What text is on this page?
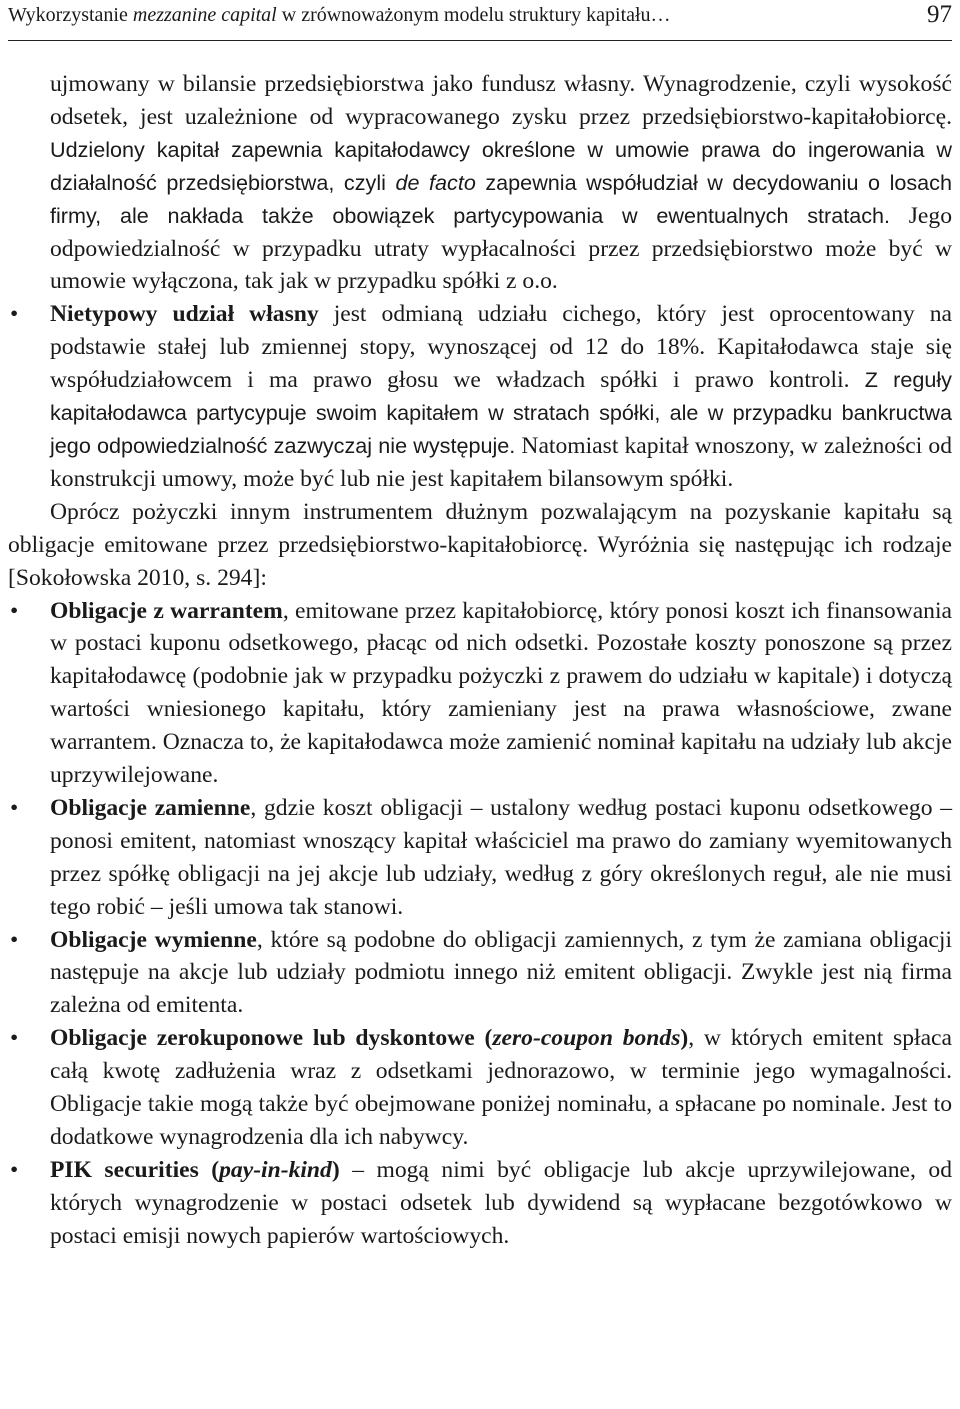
Wykorzystanie mezzanine capital w zrównoważonym modelu struktury kapitału…	97

ujmowany w bilansie przedsiębiorstwa jako fundusz własny. Wynagrodzenie, czyli wysokość odsetek, jest uzależnione od wypracowanego zysku przez przedsiębiorstwo-kapitałobiorcę. Udzielony kapitał zapewnia kapitałodawcy określone w umowie prawa do ingerowania w działalność przedsiębiorstwa, czyli de facto zapewnia współudział w decydowaniu o losach firmy, ale nakłada także obowiązek partycypowania w ewentualnych stratach. Jego odpowiedzialność w przypadku utraty wypłacalności przez przedsiębiorstwo może być w umowie wyłączona, tak jak w przypadku spółki z o.o.

•	Nietypowy udział własny jest odmianą udziału cichego, który jest oprocentowany na podstawie stałej lub zmiennej stopy, wynoszącej od 12 do 18%. Kapitałodawca staje się współudziałowcem i ma prawo głosu we władzach spółki i prawo kontroli. Z reguły kapitałodawca partycypuje swoim kapitałem w stratach spółki, ale w przypadku bankructwa jego odpowiedzialność zazwyczaj nie występuje. Natomiast kapitał wnoszony, w zależności od konstrukcji umowy, może być lub nie jest kapitałem bilansowym spółki.

Oprócz pożyczki innym instrumentem dłużnym pozwalającym na pozyskanie kapitału są obligacje emitowane przez przedsiębiorstwo-kapitałobiorcę. Wyróżnia się następując ich rodzaje [Sokołowska 2010, s. 294]:

•	Obligacje z warrantem, emitowane przez kapitałobiorcę, który ponosi koszt ich finansowania w postaci kuponu odsetkowego, płacąc od nich odsetki. Pozostałe koszty ponoszone są przez kapitałodawcę (podobnie jak w przypadku pożyczki z prawem do udziału w kapitale) i dotyczą wartości wniesionego kapitału, który zamieniany jest na prawa własnościowe, zwane warrantem. Oznacza to, że kapitałodawca może zamienić nominał kapitału na udziały lub akcje uprzywilejowane.
•	Obligacje zamienne, gdzie koszt obligacji – ustalony według postaci kuponu odsetkowego – ponosi emitent, natomiast wnoszący kapitał właściciel ma prawo do zamiany wyemitowanych przez spółkę obligacji na jej akcje lub udziały, według z góry określonych reguł, ale nie musi tego robić – jeśli umowa tak stanowi.
•	Obligacje wymienne, które są podobne do obligacji zamiennych, z tym że zamiana obligacji następuje na akcje lub udziały podmiotu innego niż emitent obligacji. Zwykle jest nią firma zależna od emitenta.
•	Obligacje zerokuponowe lub dyskontowe (zero-coupon bonds), w których emitent spłaca całą kwotę zadłużenia wraz z odsetkami jednorazowo, w terminie jego wymagalności. Obligacje takie mogą także być obejmowane poniżej nominału, a spłacane po nominale. Jest to dodatkowe wynagrodzenia dla ich nabywcy.
•	PIK securities (pay-in-kind) – mogą nimi być obligacje lub akcje uprzywilejowane, od których wynagrodzenie w postaci odsetek lub dywidend są wypłacane bezgotówkowo w postaci emisji nowych papierów wartościowych.
